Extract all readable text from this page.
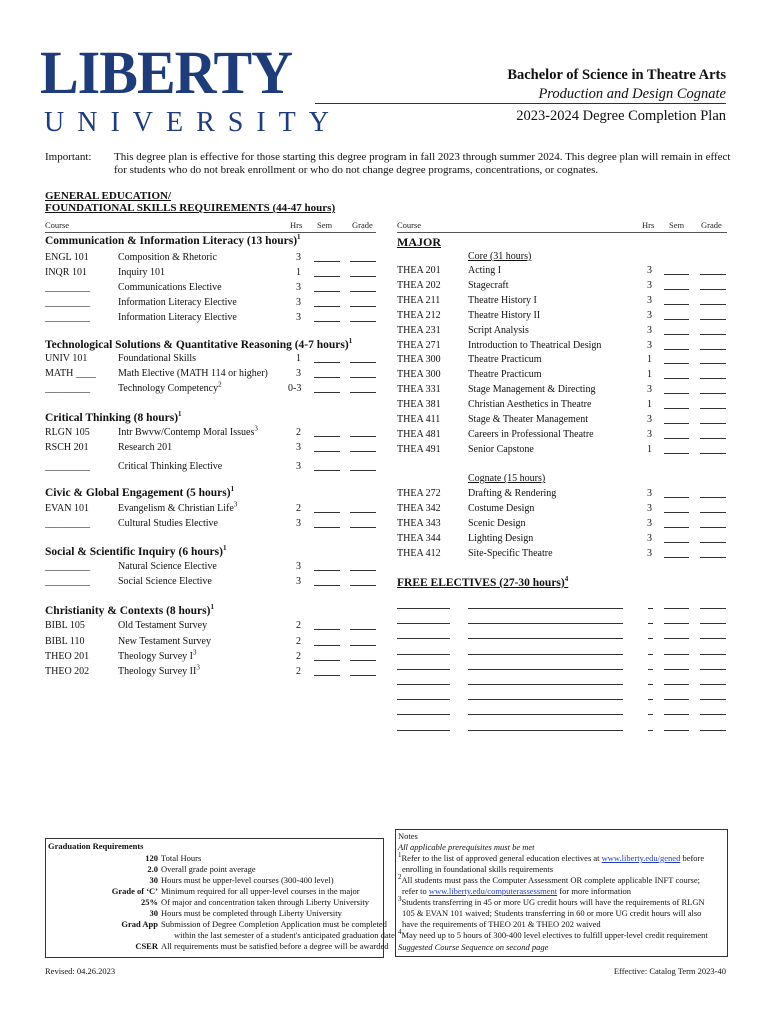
LIBERTY
UNIVERSITY
Bachelor of Science in Theatre Arts
Production and Design Cognate
2023-2024 Degree Completion Plan
Important: This degree plan is effective for those starting this degree program in fall 2023 through summer 2024. This degree plan will remain in effect for students who do not break enrollment or who do not change degree programs, concentrations, or cognates.
GENERAL EDUCATION/
FOUNDATIONAL SKILLS REQUIREMENTS (44-47 hours)
Course	Hrs Sem Grade	Course	Hrs Sem Grade
Communication & Information Literacy (13 hours)$^1$
ENGL 101	Composition & Rhetoric	3
INQR 101	Inquiry 101	1
_________	Communications Elective	3
_________	Information Literacy Elective	3
_________	Information Literacy Elective	3
Technological Solutions & Quantitative Reasoning (4-7 hours)$^1$
UNIV 101	Foundational Skills	1
MATH ____ Math Elective (MATH 114 or higher)	3
_________	Technology Competency$^2$	0-3
Critical Thinking (8 hours)$^1$
RLGN 105	Intr Bwvw/Contemp Moral Issues$^3$	2
RSCH 201	Research 201	3
_________	Critical Thinking Elective	3
Civic & Global Engagement (5 hours)$^1$
EVAN 101	Evangelism & Christian Life$^3$	2
_________	Cultural Studies Elective	3
Social & Scientific Inquiry (6 hours)$^1$
_________	Natural Science Elective	3
_________	Social Science Elective	3
Christianity & Contexts (8 hours)$^1$
BIBL 105	Old Testament Survey	2
BIBL 110	New Testament Survey	2
THEO 201	Theology Survey $I^3$	2
THEO 202	Theology Survey $II^3$	2
MAJOR
Core (31 hours)
THEA 201	Acting I	3
THEA 202	Stagecraft	3
THEA 211	Theatre History I	3
THEA 212	Theatre History II	3
THEA 231	Script Analysis	3
THEA 271	Introduction to Theatrical Design	3
THEA 300	Theatre Practicum	1
THEA 300	Theatre Practicum	1
THEA 331	Stage Management & Directing	3
THEA 381	Christian Aesthetics in Theatre	1
THEA 411	Stage & Theater Management	3
THEA 481	Careers in Professional Theatre	3
THEA 491	Senior Capstone	1
Cognate (15 hours)
THEA 272	Drafting & Rendering	3
THEA 342	Costume Design	3
THEA 343	Scenic Design	3
THEA 344	Lighting Design	3
THEA 412	Site-Specific Theatre	3
FREE ELECTIVES (27-30 hours)$^4$
Graduation Requirements
120 Total Hours
2.0 Overall grade point average
30 Hours must be upper-level courses (300-400 level)
Grade of ‘C’ Minimum required for all upper-level courses in the major
25% Of major and concentration taken through Liberty University
30 Hours must be completed through Liberty University
Grad App Submission of Degree Completion Application must be completed
within the last semester of a student's anticipated graduation date
CSER All requirements must be satisfied before a degree will be awarded
Notes
All applicable prerequisites must be met
$^1$Refer to the list of approved general education electives at www.liberty.edu/gened before
enrolling in foundational skills requirements
$^2$All students must pass the Computer Assessment OR complete applicable INFT course;
refer to www.liberty.edu/computerassessment for more information
$^3$Students transferring in 45 or more UG credit hours will have the requirements of RLGN
105 & EVAN 101 waived; Students transferring in 60 or more UG credit hours will also
have the requirements of THEO 201 & THEO 202 waived
$^4$May need up to 5 hours of 300-400 level electives to fulfill upper-level credit requirement
Suggested Course Sequence on second page
Revised: 04.26.2023	Effective: Catalog Term 2023-40
